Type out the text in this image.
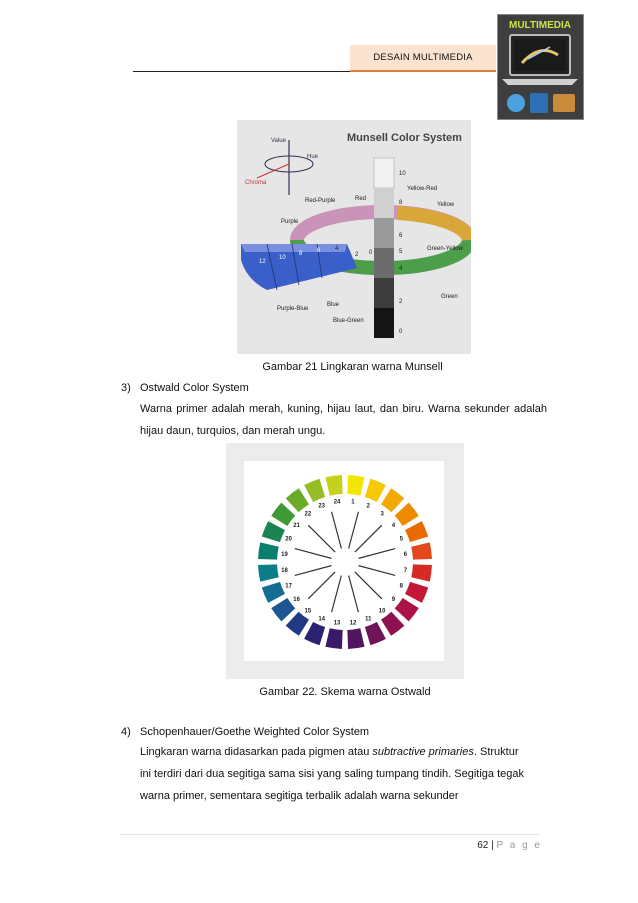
DESAIN MULTIMEDIA
MULTIMEDIA
Munsell Color System
Value
Hue
Chroma
10
8
6
5
4
2
0
Red-Purple	Red
Yellow-Red
Yellow
Purple
Green-Yellow
Green
Purple-Blue
Blue
Blue-Green
12
10
8 6 4
2 0
Gambar 21 Lingkaran warna Munsell
3) Ostwald Color System
Warna primer adalah merah, kuning, hijau laut, dan biru. Warna sekunder adalah hijau daun, turquios, dan merah ungu.
1
2
3
4
5
6
7
8
9
10
11
12
13
14
15
16
17
18
19
20
21
22
23
24
Gambar 22. Skema warna Ostwald
4) Schopenhauer/Goethe Weighted Color System
Lingkaran warna didasarkan pada pigmen atau subtractive primaries. Struktur
ini terdiri dari dua segitiga sama sisi yang saling tumpang tindih. Segitiga tegak
warna primer, sementara segitiga terbalik adalah warna sekunder
62 | P a g e
